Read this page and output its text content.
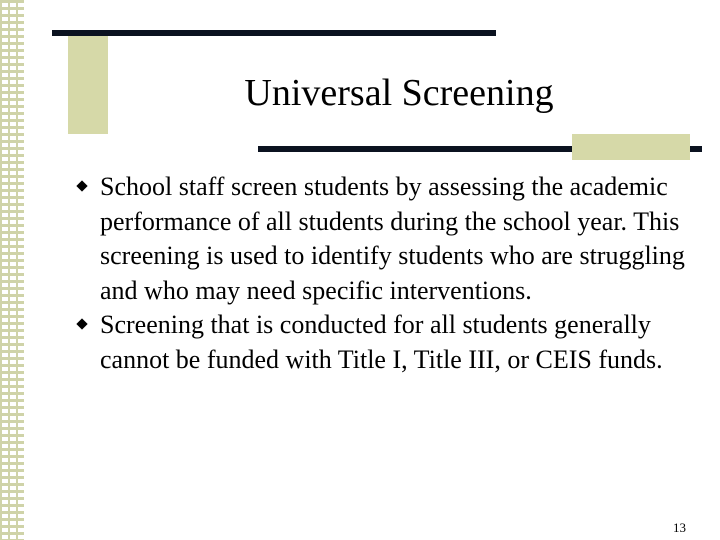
Universal Screening
School staff screen students by assessing the academic performance of all students during the school year. This screening is used to identify students who are struggling and who may need specific interventions.
Screening that is conducted for all students generally cannot be funded with Title I, Title III, or CEIS funds.
13
